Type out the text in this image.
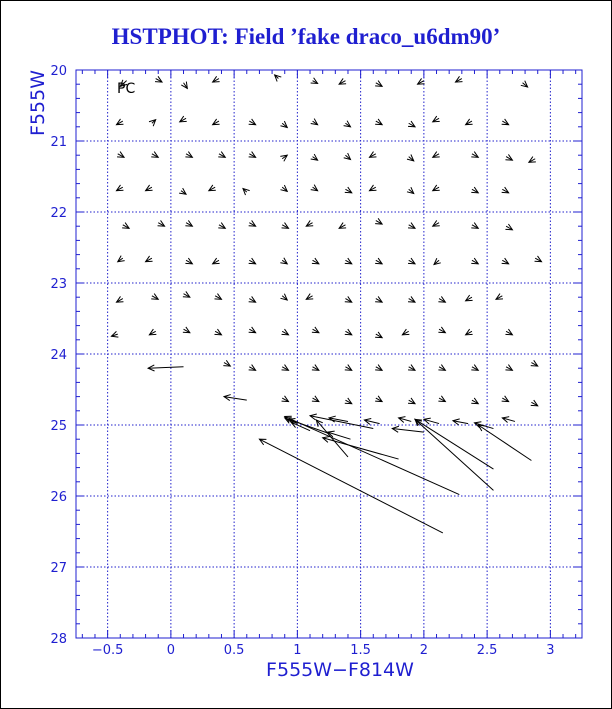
HSTPHOT: Field ’fake draco_u6dm90’
−0.5	0	0.5	1	1.5	2	2.5	3
20
21
22
23
24
25
26
27
28
F555W−F814W
F555W	PC
